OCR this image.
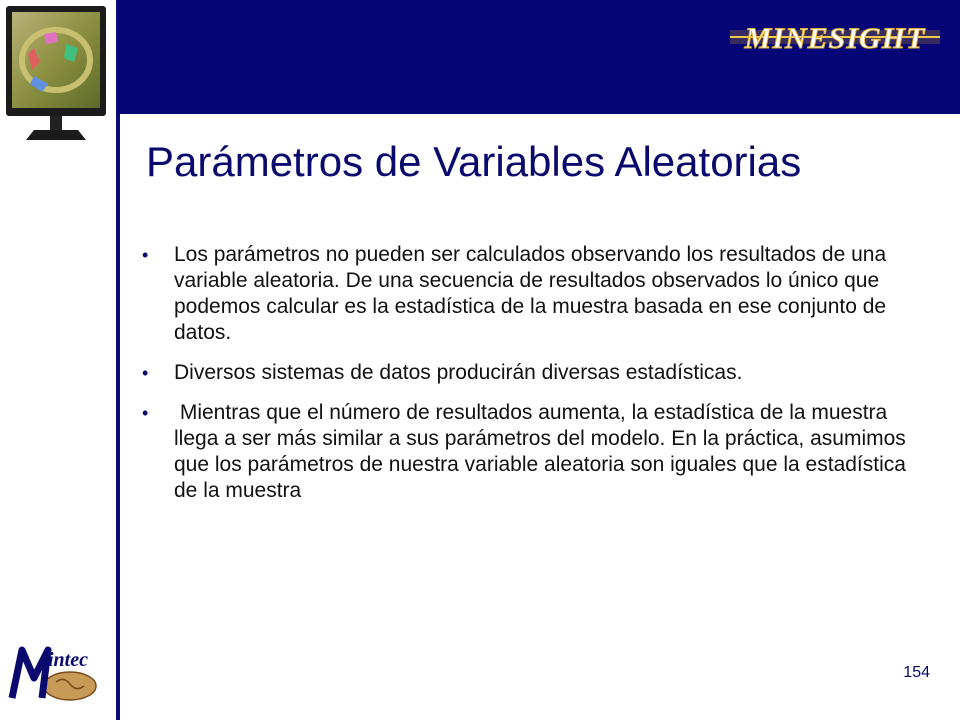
MINESIGHT
Parámetros de Variables Aleatorias
• Los parámetros no pueden ser calculados observando los resultados de una variable aleatoria. De una secuencia de resultados observados lo único que podemos calcular es la estadística de la muestra basada en ese conjunto de datos.
• Diversos sistemas de datos producirán diversas estadísticas.
• Mientras que el número de resultados aumenta, la estadística de la muestra llega a ser más similar a sus parámetros del modelo. En la práctica, asumimos que los parámetros de nuestra variable aleatoria son iguales que la estadística de la muestra
intec
154
